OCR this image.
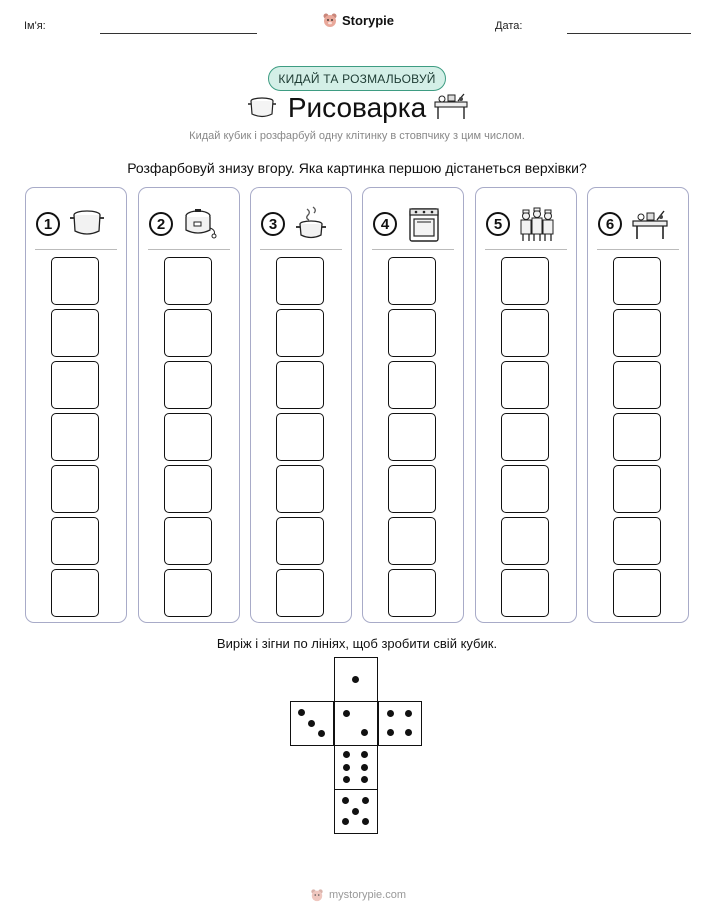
Ім'я:	Storypie	Дата:
КИДАЙ ТА РОЗМАЛЬОВУЙ
Рисоварка
Кидай кубик і розфарбуй одну клітинку в стовпчику з цим числом.
Розфарбовуй знизу вгору. Яка картинка першою дістанеться верхівки?
1	2	3	4	5	6
Виріж і зігни по лініях, щоб зробити свій кубик.
mystorypie.com
